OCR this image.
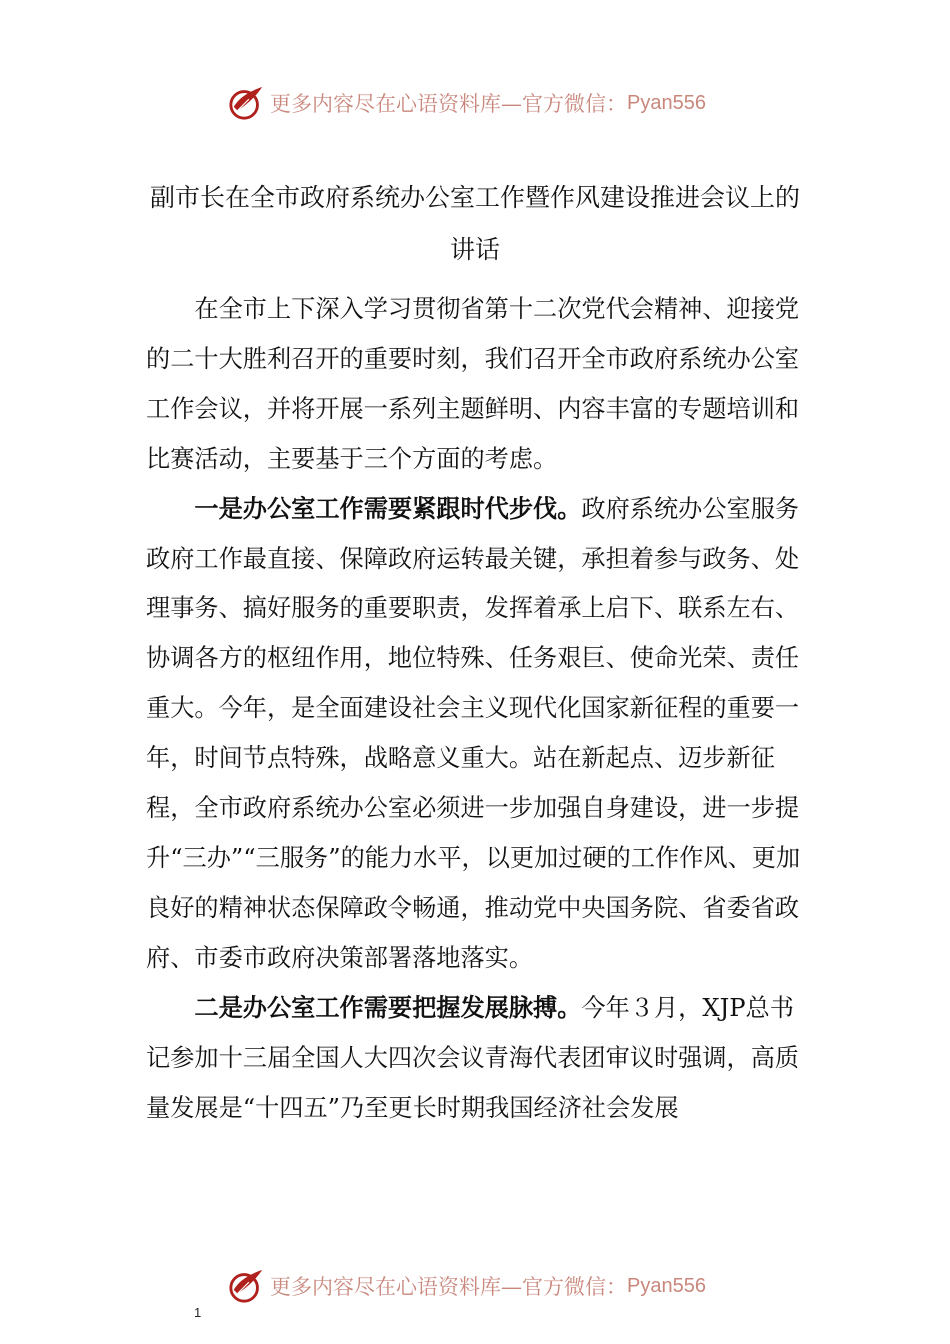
更多内容尽在心语资料库—官方微信： Pyan556
副市长在全市政府系统办公室工作暨作风建设推进会议上的讲话

在全市上下深入学习贯彻省第十二次党代会精神、迎接党的二十大胜利召开的重要时刻，我们召开全市政府系统办公室工作会议，并将开展一系列主题鲜明、内容丰富的专题培训和比赛活动，主要基于三个方面的考虑。

一是办公室工作需要紧跟时代步伐。政府系统办公室服务政府工作最直接、保障政府运转最关键，承担着参与政务、处理事务、搞好服务的重要职责，发挥着承上启下、联系左右、协调各方的枢纽作用，地位特殊、任务艰巨、使命光荣、责任重大。今年，是全面建设社会主义现代化国家新征程的重要一年，时间节点特殊，战略意义重大。站在新起点、迈步新征程，全市政府系统办公室必须进一步加强自身建设，进一步提升“三办”“三服务”的能力水平，以更加过硬的工作作风、更加良好的精神状态保障政令畅通，推动党中央国务院、省委省政府、市委市政府决策部署落地落实。

二是办公室工作需要把握发展脉搏。今年３月，XJP总书记参加十三届全国人大四次会议青海代表团审议时强调，高质量发展是“十四五”乃至更长时期我国经济社会发展

更多内容尽在心语资料库—官方微信： Pyan556
1
